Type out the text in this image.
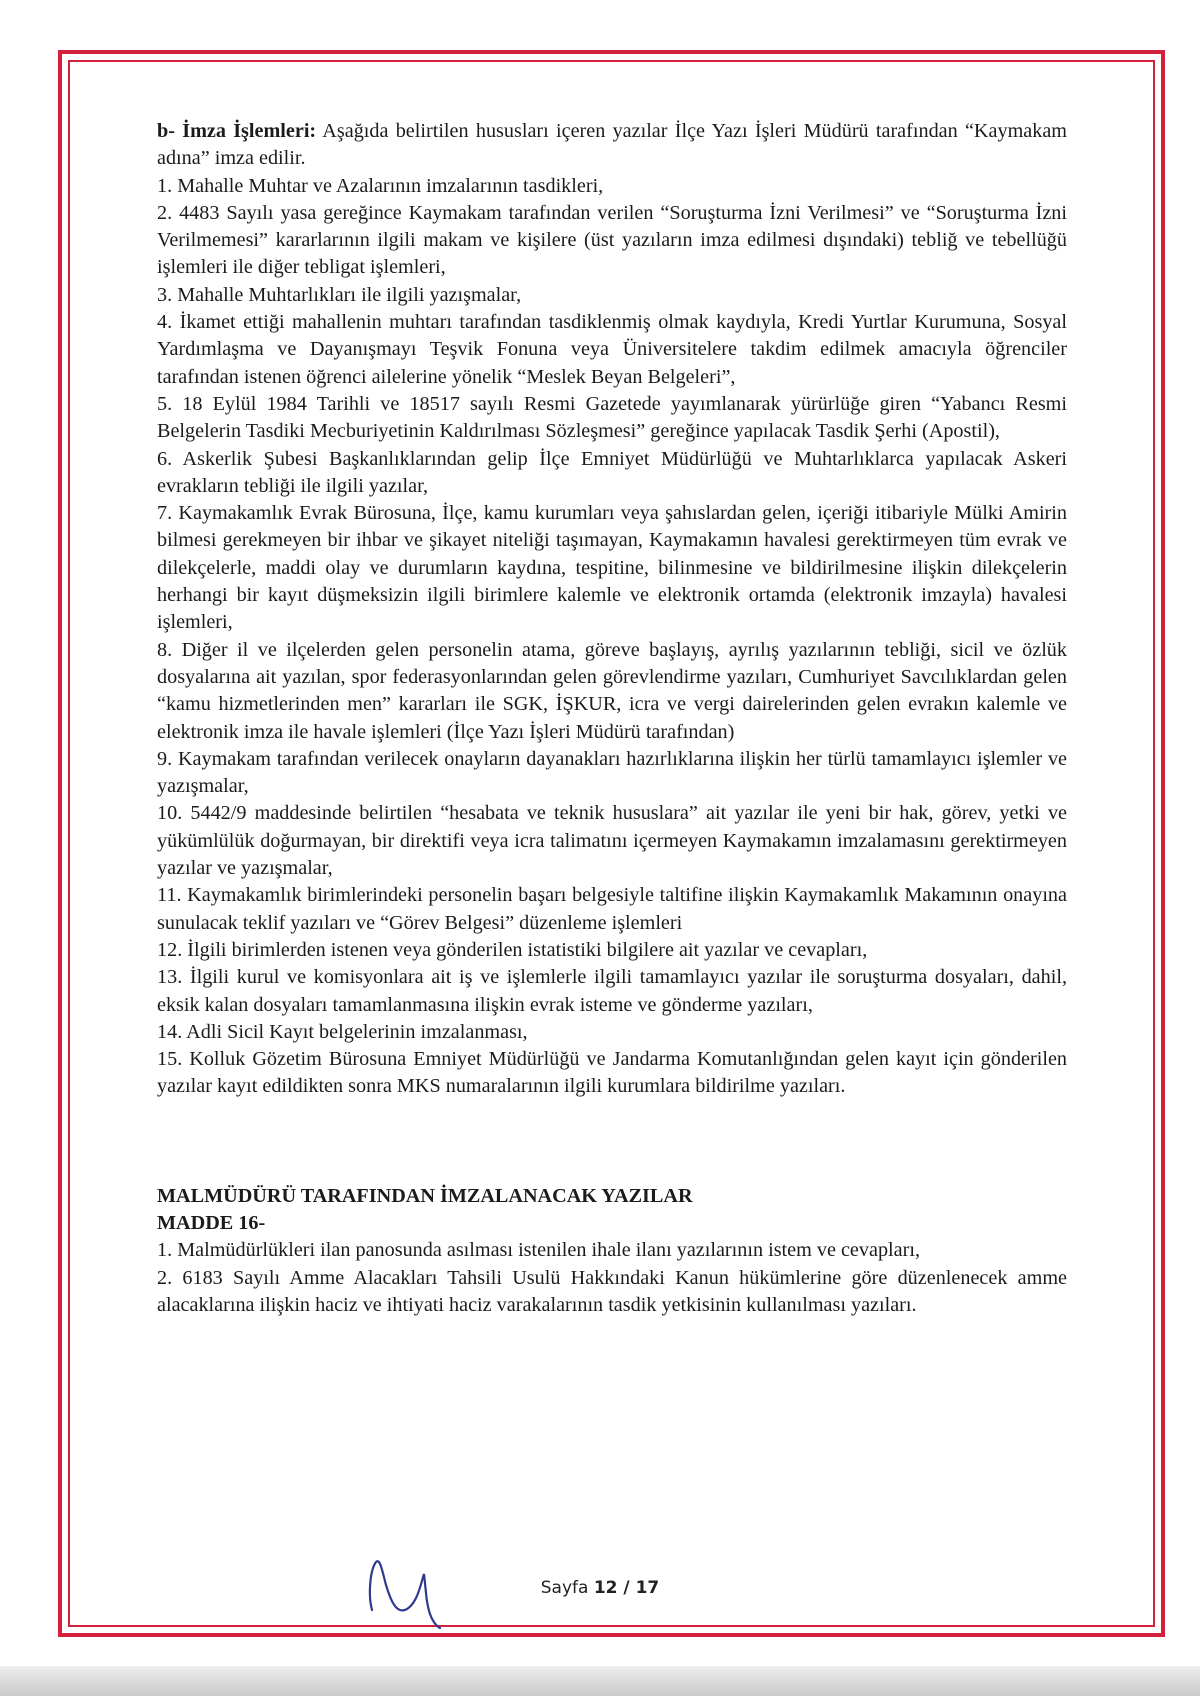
b- İmza İşlemleri: Aşağıda belirtilen hususları içeren yazılar İlçe Yazı İşleri Müdürü tarafından “Kaymakam adına” imza edilir.

1. Mahalle Muhtar ve Azalarının imzalarının tasdikleri,

2. 4483 Sayılı yasa gereğince Kaymakam tarafından verilen “Soruşturma İzni Verilmesi” ve “Soruşturma İzni Verilmemesi” kararlarının ilgili makam ve kişilere (üst yazıların imza edilmesi dışındaki) tebliğ ve tebellüğü işlemleri ile diğer tebligat işlemleri,

3. Mahalle Muhtarlıkları ile ilgili yazışmalar,

4. İkamet ettiği mahallenin muhtarı tarafından tasdiklenmiş olmak kaydıyla, Kredi Yurtlar Kurumuna, Sosyal Yardımlaşma ve Dayanışmayı Teşvik Fonuna veya Üniversitelere takdim edilmek amacıyla öğrenciler tarafından istenen öğrenci ailelerine yönelik “Meslek Beyan Belgeleri”,

5. 18 Eylül 1984 Tarihli ve 18517 sayılı Resmi Gazetede yayımlanarak yürürlüğe giren “Yabancı Resmi Belgelerin Tasdiki Mecburiyetinin Kaldırılması Sözleşmesi” gereğince yapılacak Tasdik Şerhi (Apostil),

6. Askerlik Şubesi Başkanlıklarından gelip İlçe Emniyet Müdürlüğü ve Muhtarlıklarca yapılacak Askeri evrakların tebliği ile ilgili yazılar,

7. Kaymakamlık Evrak Bürosuna, İlçe, kamu kurumları veya şahıslardan gelen, içeriği itibariyle Mülki Amirin bilmesi gerekmeyen bir ihbar ve şikayet niteliği taşımayan, Kaymakamın havalesi gerektirmeyen tüm evrak ve dilekçelerle, maddi olay ve durumların kaydına, tespitine, bilinmesine ve bildirilmesine ilişkin dilekçelerin herhangi bir kayıt düşmeksizin ilgili birimlere kalemle ve elektronik ortamda (elektronik imzayla) havalesi işlemleri,

8. Diğer il ve ilçelerden gelen personelin atama, göreve başlayış, ayrılış yazılarının tebliği, sicil ve özlük dosyalarına ait yazılan, spor federasyonlarından gelen görevlendirme yazıları, Cumhuriyet Savcılıklardan gelen “kamu hizmetlerinden men” kararları ile SGK, İŞKUR, icra ve vergi dairelerinden gelen evrakın kalemle ve elektronik imza ile havale işlemleri (İlçe Yazı İşleri Müdürü tarafından)

9. Kaymakam tarafından verilecek onayların dayanakları hazırlıklarına ilişkin her türlü tamamlayıcı işlemler ve yazışmalar,

10. 5442/9 maddesinde belirtilen “hesabata ve teknik hususlara” ait yazılar ile yeni bir hak, görev, yetki ve yükümlülük doğurmayan, bir direktifi veya icra talimatını içermeyen Kaymakamın imzalamasını gerektirmeyen yazılar ve yazışmalar,

11. Kaymakamlık birimlerindeki personelin başarı belgesiyle taltifine ilişkin Kaymakamlık Makamının onayına sunulacak teklif yazıları ve “Görev Belgesi” düzenleme işlemleri

12. İlgili birimlerden istenen veya gönderilen istatistiki bilgilere ait yazılar ve cevapları,

13. İlgili kurul ve komisyonlara ait iş ve işlemlerle ilgili tamamlayıcı yazılar ile soruşturma dosyaları, dahil, eksik kalan dosyaları tamamlanmasına ilişkin evrak isteme ve gönderme yazıları,

14. Adli Sicil Kayıt belgelerinin imzalanması,

15. Kolluk Gözetim Bürosuna Emniyet Müdürlüğü ve Jandarma Komutanlığından gelen kayıt için gönderilen yazılar kayıt edildikten sonra MKS numaralarının ilgili kurumlara bildirilme yazıları.

MALMÜDÜRÜ TARAFINDAN İMZALANACAK YAZILAR

MADDE 16-

1. Malmüdürlükleri ilan panosunda asılması istenilen ihale ilanı yazılarının istem ve cevapları,

2. 6183 Sayılı Amme Alacakları Tahsili Usulü Hakkındaki Kanun hükümlerine göre düzenlenecek amme alacaklarına ilişkin haciz ve ihtiyati haciz varakalarının tasdik yetkisinin kullanılması yazıları.

Sayfa 12 / 17
